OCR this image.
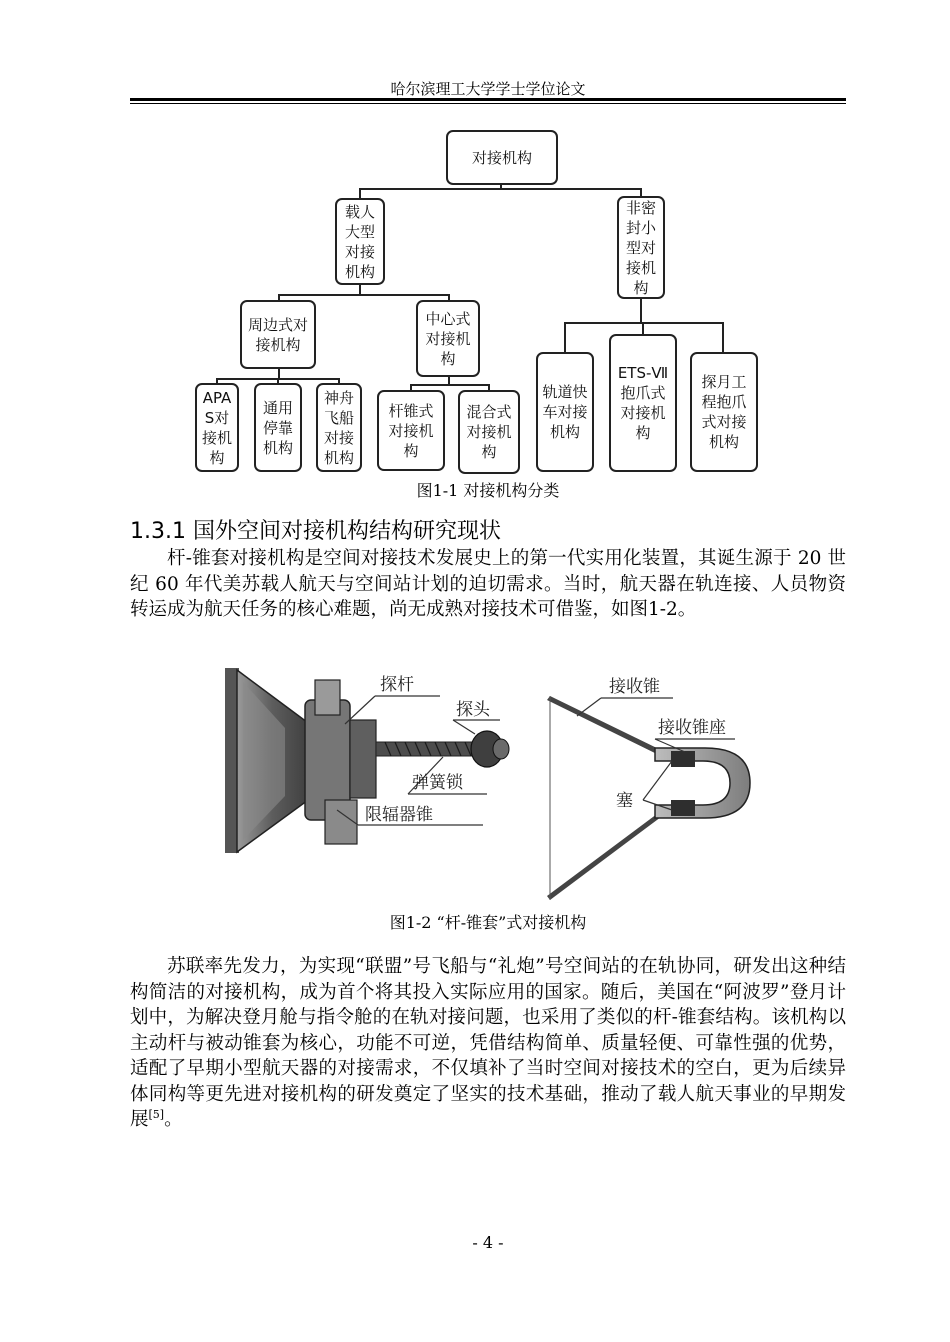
哈尔滨理工大学学士学位论文
对接机构
载人大型对接机构
非密封小型对接机构
周边式对接机构
中心式对接机构
APAS对接机构
通用停靠机构
神舟飞船对接机构
杆锥式对接机构
混合式对接机构
轨道快车对接机构
ETS-Ⅶ抱爪式对接机构
探月工程抱爪式对接机构
图1-1 对接机构分类
1.3.1 国外空间对接机构结构研究现状

杆-锥套对接机构是空间对接技术发展史上的第一代实用化装置，其诞生源于 20 世纪 60 年代美苏载人航天与空间站计划的迫切需求。当时，航天器在轨连接、人员物资转运成为航天任务的核心难题，尚无成熟对接技术可借鉴，如图1-2。

探杆
探头
弹簧锁
限辐器锥
接收锥
接收锥座
塞
图1-2 “杆-锥套”式对接机构

苏联率先发力，为实现“联盟”号飞船与“礼炮”号空间站的在轨协同，研发出这种结构简洁的对接机构，成为首个将其投入实际应用的国家。随后，美国在“阿波罗”登月计划中，为解决登月舱与指令舱的在轨对接问题，也采用了类似的杆-锥套结构。该机构以主动杆与被动锥套为核心，功能不可逆，凭借结构简单、质量轻便、可靠性强的优势，适配了早期小型航天器的对接需求，不仅填补了当时空间对接技术的空白，更为后续异体同构等更先进对接机构的研发奠定了坚实的技术基础，推动了载人航天事业的早期发展[5]。

- 4 -
